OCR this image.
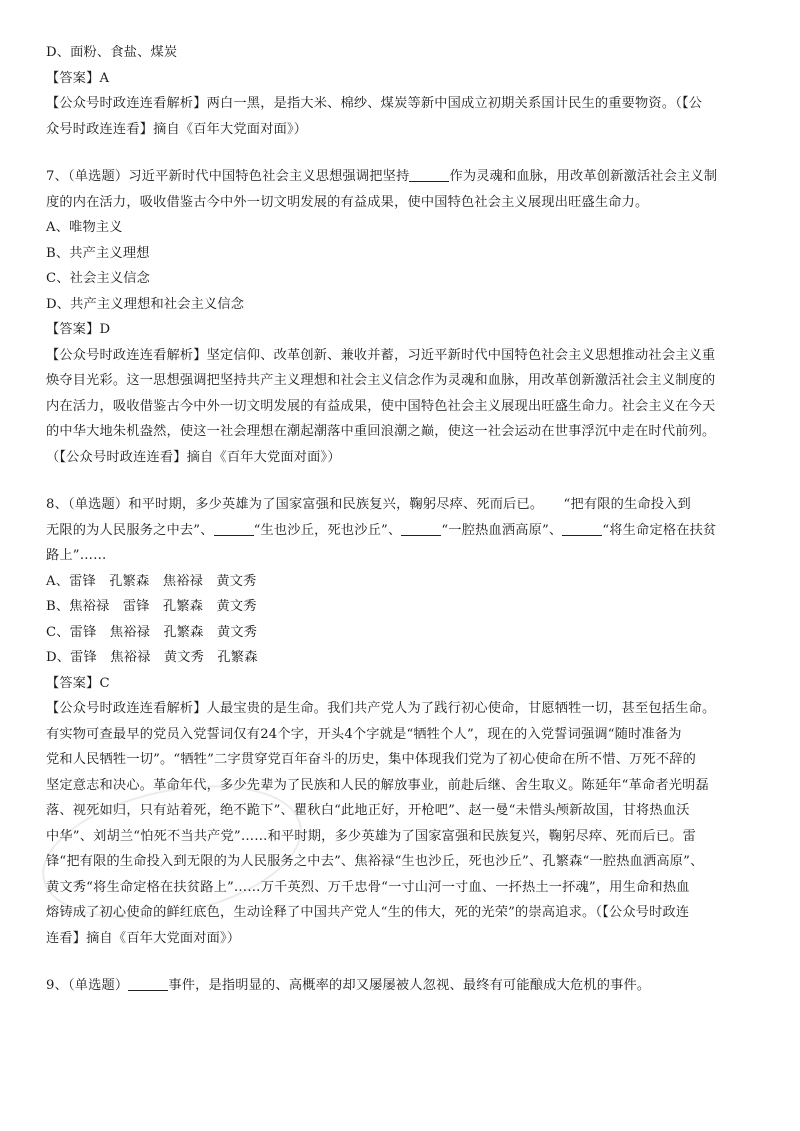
D、面粉、食盐、煤炭
【答案】A
【公众号时政连连看解析】两白一黑，是指大米、棉纱、煤炭等新中国成立初期关系国计民生的重要物资。（【公
众号时政连连看】摘自《百年大党面对面》）
7、（单选题）习近平新时代中国特色社会主义思想强调把坚持	作为灵魂和血脉，用改革创新激活社会主义制
度的内在活力，吸收借鉴古今中外一切文明发展的有益成果，使中国特色社会主义展现出旺盛生命力。
A、唯物主义
B、共产主义理想
C、社会主义信念
D、共产主义理想和社会主义信念
【答案】D
【公众号时政连连看解析】坚定信仰、改革创新、兼收并蓄，习近平新时代中国特色社会主义思想推动社会主义重
焕夺目光彩。这一思想强调把坚持共产主义理想和社会主义信念作为灵魂和血脉，用改革创新激活社会主义制度的
内在活力，吸收借鉴古今中外一切文明发展的有益成果，使中国特色社会主义展现出旺盛生命力。社会主义在今天
的中华大地朱机盎然，使这一社会理想在潮起潮落中重回浪潮之巅，使这一社会运动在世事浮沉中走在时代前列。
（【公众号时政连连看】摘自《百年大党面对面》）
8、（单选题）和平时期，多少英雄为了国家富强和民族复兴，鞠躬尽瘁、死而后已。　　“把有限的生命投入到
无限的为人民服务之中去”、	“生也沙丘，死也沙丘”、	“一腔热血洒高原”、	“将生命定格在扶贫
路上”……
A、雷锋　孔繁森　焦裕禄　黄文秀
B、焦裕禄　雷锋　孔繁森　黄文秀
C、雷锋　焦裕禄　孔繁森　黄文秀
D、雷锋　焦裕禄　黄文秀　孔繁森
【答案】C
【公众号时政连连看解析】人最宝贵的是生命。我们共产党人为了践行初心使命，甘愿牺牲一切，甚至包括生命。
有实物可查最早的党员入党誓词仅有24个字，开头4个字就是“牺牲个人”，现在的入党誓词强调“随时准备为
党和人民牺牲一切”。“牺牲”二字贯穿党百年奋斗的历史，集中体现我们党为了初心使命在所不惜、万死不辞的
坚定意志和决心。革命年代，多少先辈为了民族和人民的解放事业，前赴后继、舍生取义。陈延年“革命者光明磊
落、视死如归，只有站着死，绝不跪下”、瞿秋白“此地正好，开枪吧”、赵一曼“未惜头颅新故国，甘将热血沃
中华”、刘胡兰“怕死不当共产党”……和平时期，多少英雄为了国家富强和民族复兴，鞠躬尽瘁、死而后已。雷
锋“把有限的生命投入到无限的为人民服务之中去”、焦裕禄“生也沙丘，死也沙丘”、孔繁森“一腔热血洒高原”、
黄文秀“将生命定格在扶贫路上”……万千英烈、万千忠骨“一寸山河一寸血、一抔热土一抔魂”，用生命和热血
熔铸成了初心使命的鲜红底色，生动诠释了中国共产党人“生的伟大，死的光荣”的崇高追求。（【公众号时政连
连看】摘自《百年大党面对面》）
9、（单选题）	事件，是指明显的、高概率的却又屡屡被人忽视、最终有可能酿成大危机的事件。
